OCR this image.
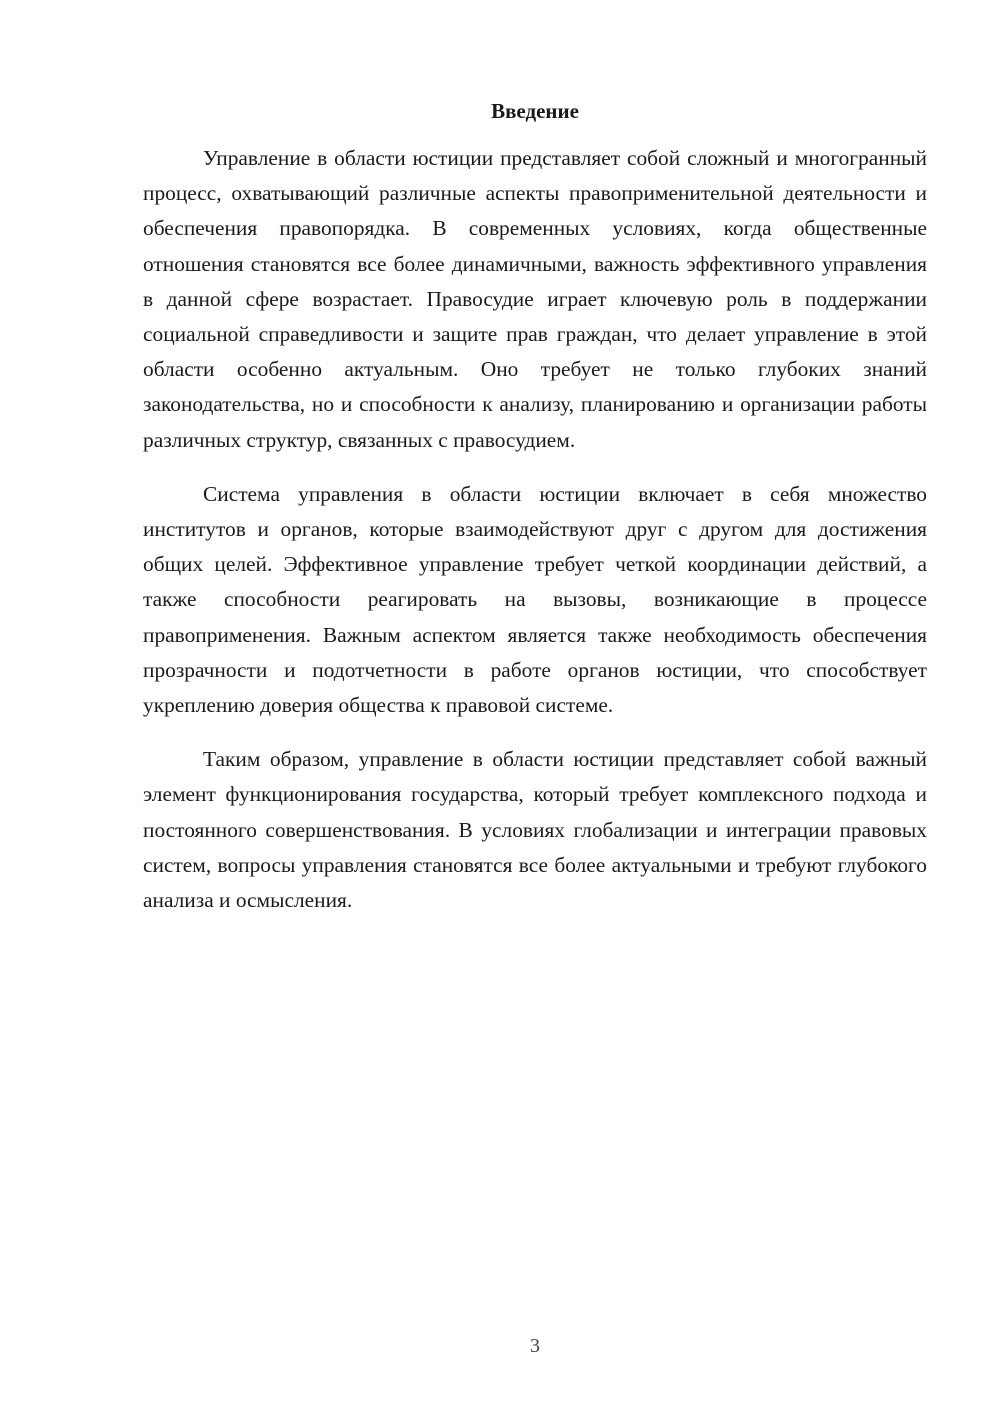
Введение

Управление в области юстиции представляет собой сложный и многогранный процесс, охватывающий различные аспекты правоприменительной деятельности и обеспечения правопорядка. В современных условиях, когда общественные отношения становятся все более динамичными, важность эффективного управления в данной сфере возрастает. Правосудие играет ключевую роль в поддержании социальной справедливости и защите прав граждан, что делает управление в этой области особенно актуальным. Оно требует не только глубоких знаний законодательства, но и способности к анализу, планированию и организации работы различных структур, связанных с правосудием.

Система управления в области юстиции включает в себя множество институтов и органов, которые взаимодействуют друг с другом для достижения общих целей. Эффективное управление требует четкой координации действий, а также способности реагировать на вызовы, возникающие в процессе правоприменения. Важным аспектом является также необходимость обеспечения прозрачности и подотчетности в работе органов юстиции, что способствует укреплению доверия общества к правовой системе.

Таким образом, управление в области юстиции представляет собой важный элемент функционирования государства, который требует комплексного подхода и постоянного совершенствования. В условиях глобализации и интеграции правовых систем, вопросы управления становятся все более актуальными и требуют глубокого анализа и осмысления.

3
